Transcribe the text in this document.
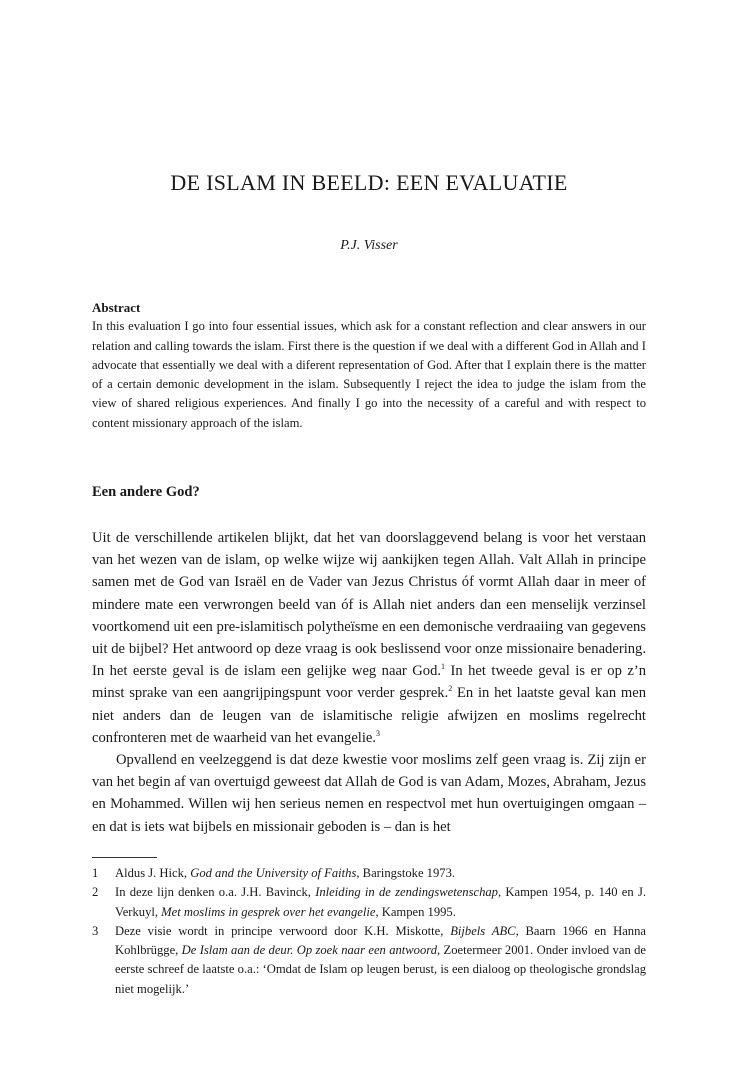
DE ISLAM IN BEELD: EEN EVALUATIE
P.J. Visser
Abstract
In this evaluation I go into four essential issues, which ask for a constant reflection and clear answers in our relation and calling towards the islam. First there is the question if we deal with a different God in Allah and I advocate that essentially we deal with a diferent representation of God. After that I explain there is the matter of a certain demonic development in the islam. Subsequently I reject the idea to judge the islam from the view of shared religious experiences. And finally I go into the necessity of a careful and with respect to content missionary approach of the islam.
Een andere God?

Uit de verschillende artikelen blijkt, dat het van doorslaggevend belang is voor het verstaan van het wezen van de islam, op welke wijze wij aankijken tegen Allah. Valt Allah in principe samen met de God van Israël en de Vader van Jezus Christus óf vormt Allah daar in meer of mindere mate een verwrongen beeld van óf is Allah niet anders dan een menselijk verzinsel voortkomend uit een pre-islamitisch polytheïsme en een demonische verdraaiing van gegevens uit de bijbel? Het antwoord op deze vraag is ook beslissend voor onze missionaire benadering. In het eerste geval is de islam een gelijke weg naar God.$^1$ In het tweede geval is er op z’n minst sprake van een aangrijpingspunt voor verder gesprek.$^2$ En in het laatste geval kan men niet anders dan de leugen van de islamitische religie afwijzen en moslims regelrecht confronteren met de waarheid van het evangelie.$^3$

Opvallend en veelzeggend is dat deze kwestie voor moslims zelf geen vraag is. Zij zijn er van het begin af van overtuigd geweest dat Allah de God is van Adam, Mozes, Abraham, Jezus en Mohammed. Willen wij hen serieus nemen en respectvol met hun overtuigingen omgaan – en dat is iets wat bijbels en missionair geboden is – dan is het

1	Aldus J. Hick, God and the University of Faiths, Baringstoke 1973.
2	In deze lijn denken o.a. J.H. Bavinck, Inleiding in de zendingswetenschap, Kampen 1954, p. 140 en J. Verkuyl, Met moslims in gesprek over het evangelie, Kampen 1995.
3	Deze visie wordt in principe verwoord door K.H. Miskotte, Bijbels ABC, Baarn 1966 en Hanna Kohlbrügge, De Islam aan de deur. Op zoek naar een antwoord, Zoetermeer 2001. Onder invloed van de eerste schreef de laatste o.a.: ‘Omdat de Islam op leugen berust, is een dialoog op theologische grondslag niet mogelijk.’
